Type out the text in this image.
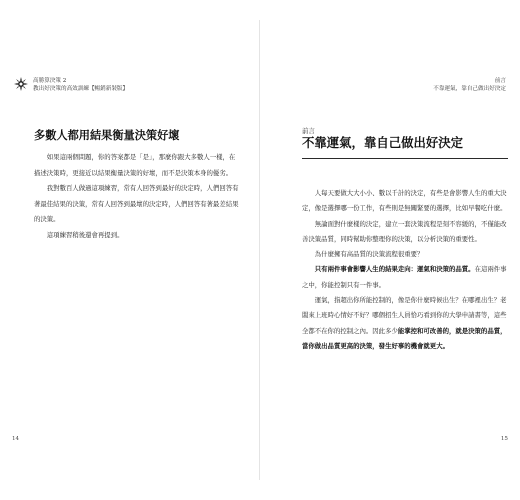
高勝算決策 2
教出好決策的高效訓練【暢銷新裝版】
多數人都用結果衡量決策好壞

如果這兩個問題，你的答案都是「是」，那麼你跟大多數人一樣，在描述決策時，更接近以結果衡量決策的好壞，而不是決策本身的優劣。

我對數百人做過這項練習，常有人回答到最好的決定時，人們回答有著最佳結果的決策，常有人回答到最壞的決定時，人們回答有著最差結果的決策。

這項練習稍後還會再提到。

14
前言
不靠運氣，靠自己做出好決定
前言
不靠運氣，靠自己做出好決定

人每天要做大大小小、數以千計的決定，有些是會影響人生的重大決定，像是選擇哪一份工作，有些則是無關緊要的選擇，比如早餐吃什麼。

無論面對什麼樣的決定，建立一套決策流程是刻不容緩的，不僅能改善決策品質，同時幫助你整理你的決策，以分析決策的重要性。

為什麼擁有高品質的決策流程很重要？

只有兩件事會影響人生的結果走向：運氣和決策的品質。在這兩件事之中，你能控制只有一件事。

運氣，指超出你所能控制的，像是你什麼時候出生？在哪裡出生？老闆來上班時心情好不好？哪個招生人員恰巧看到你的大學申請書等，這些全都不在你的控制之內。因此多少能掌控和可改善的，就是決策的品質，當你做出品質更高的決策，發生好事的機會就更大。

15
